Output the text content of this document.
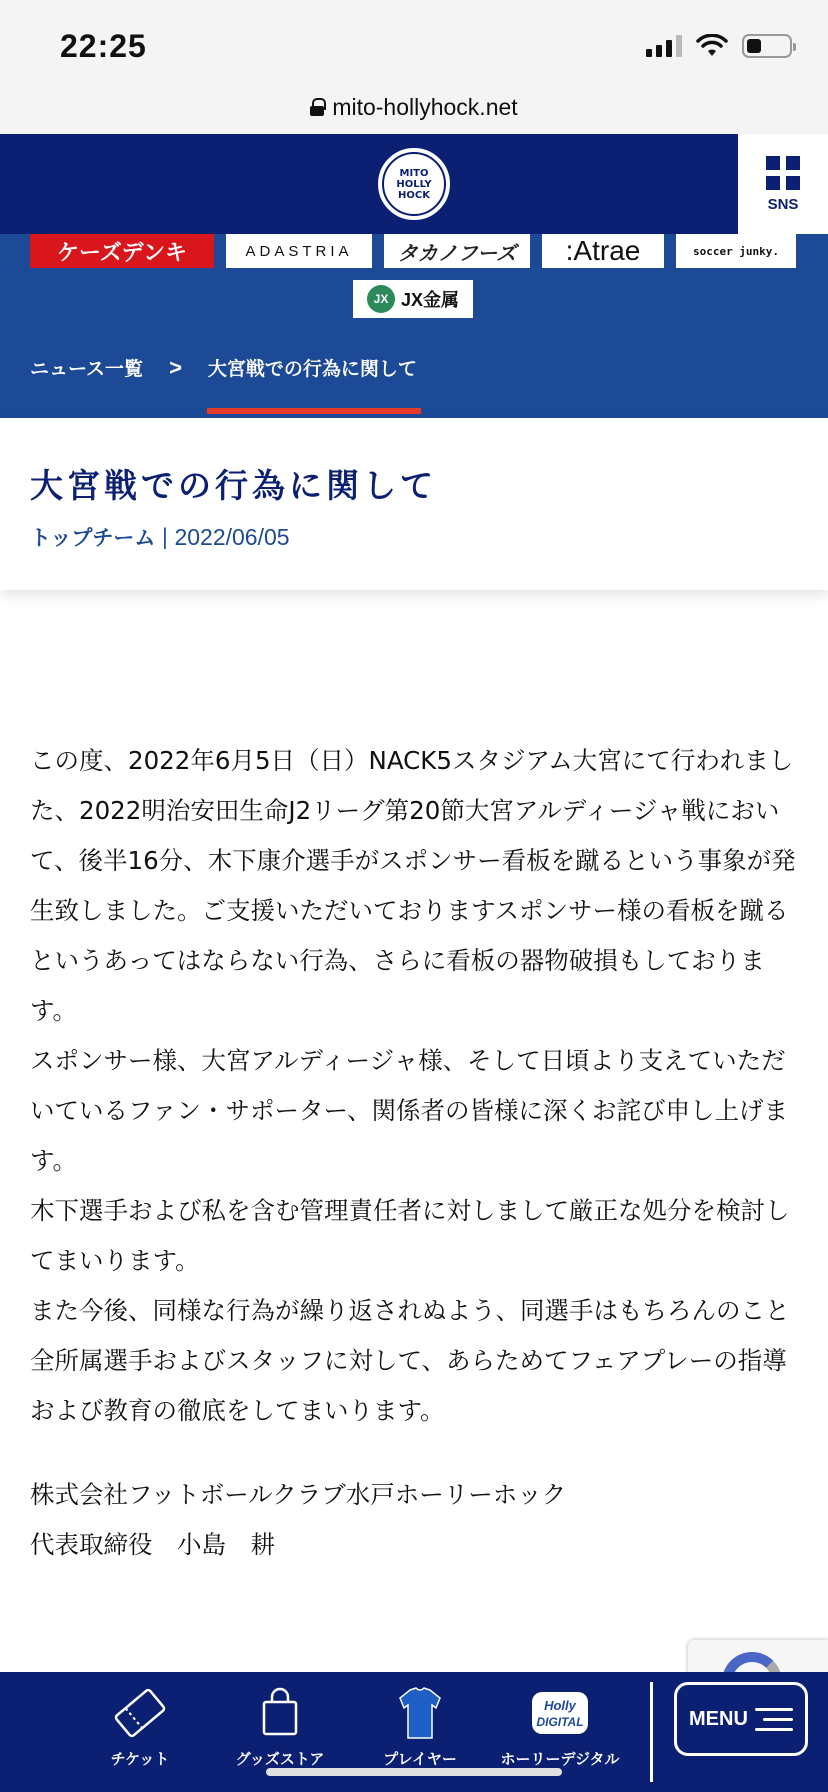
22:25
mito-hollyhock.net
MITO HOLLY HOCK
SNS
ケーズデンキ	ADASTRIA タカノフーズ :Atrae	soccer junky.
JX JX金属
ニュース一覧 > 大宮戦での行為に関して
大宮戦での行為に関して
トップチーム | 2022/06/05

この度、2022年6月5日（日）NACK5スタジアム大宮にて行われました、2022明治安田生命J2リーグ第20節大宮アルディージャ戦において、後半16分、木下康介選手がスポンサー看板を蹴るという事象が発生致しました。ご支援いただいておりますスポンサー様の看板を蹴るというあってはならない行為、さらに看板の器物破損もしております。

スポンサー様、大宮アルディージャ様、そして日頃より支えていただいているファン・サポーター、関係者の皆様に深くお詫び申し上げます。

木下選手および私を含む管理責任者に対しまして厳正な処分を検討してまいります。

また今後、同様な行為が繰り返されぬよう、同選手はもちろんのこと全所属選手およびスタッフに対して、あらためてフェアプレーの指導および教育の徹底をしてまいります。

株式会社フットボールクラブ水戸ホーリーホック

代表取締役　小島　耕

チケット	グッズストア	プレイヤー
Holly
DIGITAL
ホーリーデジタル
MENU
